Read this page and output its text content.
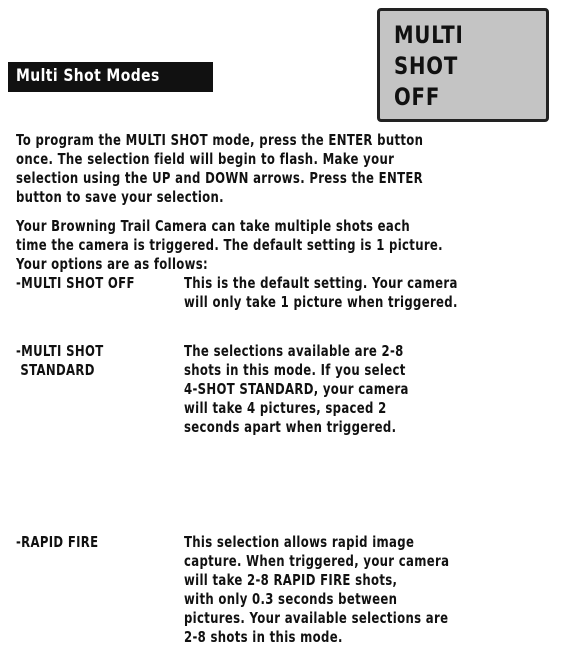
Multi Shot Modes
MULTI
SHOT
OFF
To program the MULTI SHOT mode, press the ENTER button
once. The selection field will begin to flash. Make your
selection using the UP and DOWN arrows. Press the ENTER
button to save your selection.
Your Browning Trail Camera can take multiple shots each
time the camera is triggered. The default setting is 1 picture.
Your options are as follows:
-MULTI SHOT OFF	This is the default setting. Your camera
will only take 1 picture when triggered.
-MULTI SHOT
STANDARD
The selections available are 2-8
shots in this mode. If you select
4-SHOT STANDARD, your camera
will take 4 pictures, spaced 2
seconds apart when triggered.
-RAPID FIRE	This selection allows rapid image
capture. When triggered, your camera
will take 2-8 RAPID FIRE shots,
with only 0.3 seconds between
pictures. Your available selections are
2-8 shots in this mode.
